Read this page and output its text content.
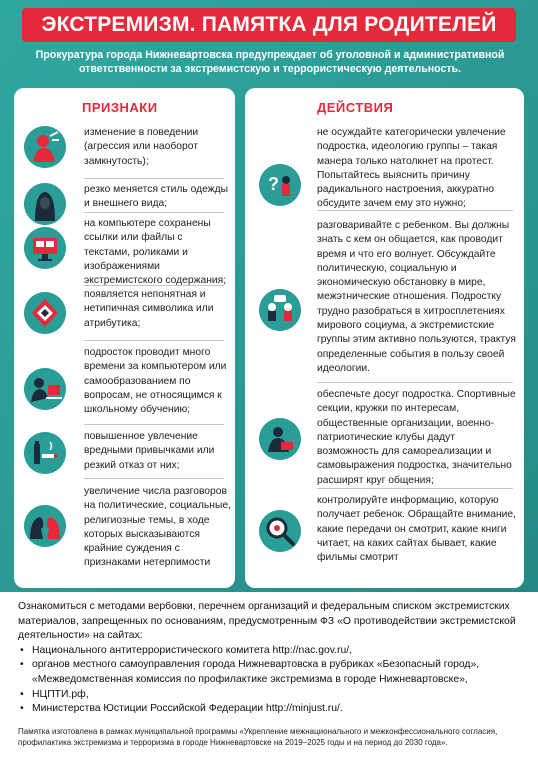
ЭКСТРЕМИЗМ. ПАМЯТКА ДЛЯ РОДИТЕЛЕЙ
Прокуратура города Нижневартовска предупреждает об уголовной и административной ответственности за экстремистскую и террористическую деятельность.
ПРИЗНАКИ
изменение в поведении (агрессия или наоборот замкнутость);
резко меняется стиль одежды и внешнего вида;
на компьютере сохранены ссылки или файлы с текстами, роликами и изображениями экстремистского содержания;
появляется непонятная и нетипичная символика или атрибутика;
подросток проводит много времени за компьютером или самообразованием по вопросам, не относящимся к школьному обучению;
повышенное увлечение вредными привычками или резкий отказ от них;
увеличение числа разговоров на политические, социальные, религиозные темы, в ходе которых высказываются крайние суждения с признаками нетерпимости
ДЕЙСТВИЯ
?
не осуждайте категорически увлечение подростка, идеологию группы – такая манера только натолкнет на протест. Попытайтесь выяснить причину радикального настроения, аккуратно обсудите зачем ему это нужно;
разговаривайте с ребенком. Вы должны знать с кем он общается, как проводит время и что его волнует. Обсуждайте политическую, социальную и экономическую обстановку в мире, межэтнические отношения. Подростку трудно разобраться в хитросплетениях мирового социума, а экстремистские группы этим активно пользуются, трактуя определенные события в пользу своей идеологии.
обеспечьте досуг подростка. Спортивные секции, кружки по интересам, общественные организации, военно-патриотические клубы дадут возможность для самореализации и самовыражения подростка, значительно расширят круг общения;
контролируйте информацию, которую получает ребенок. Обращайте внимание, какие передачи он смотрит, какие книги читает, на каких сайтах бывает, какие фильмы смотрит
Ознакомиться с методами вербовки, перечнем организаций и федеральным списком экстремистских материалов, запрещенных по основаниям, предусмотренным ФЗ «О противодействии экстремистской деятельности» на сайтах:
• Национального антитеррористического комитета http://nac.gov.ru/,
• органов местного самоуправления города Нижневартовска в рубриках «Безопасный город», «Межведомственная комиссия по профилактике экстремизма в городе Нижневартовске»,
• НЦПТИ.рф,
• Министерства Юстиции Российской Федерации http://minjust.ru/.
Памятка изготовлена в рамках муниципальной программы «Укрепление межнационального и межконфессионального согласия, профилактика экстремизма и терроризма в городе Нижневартовске на 2019–2025 годы и на период до 2030 года».
